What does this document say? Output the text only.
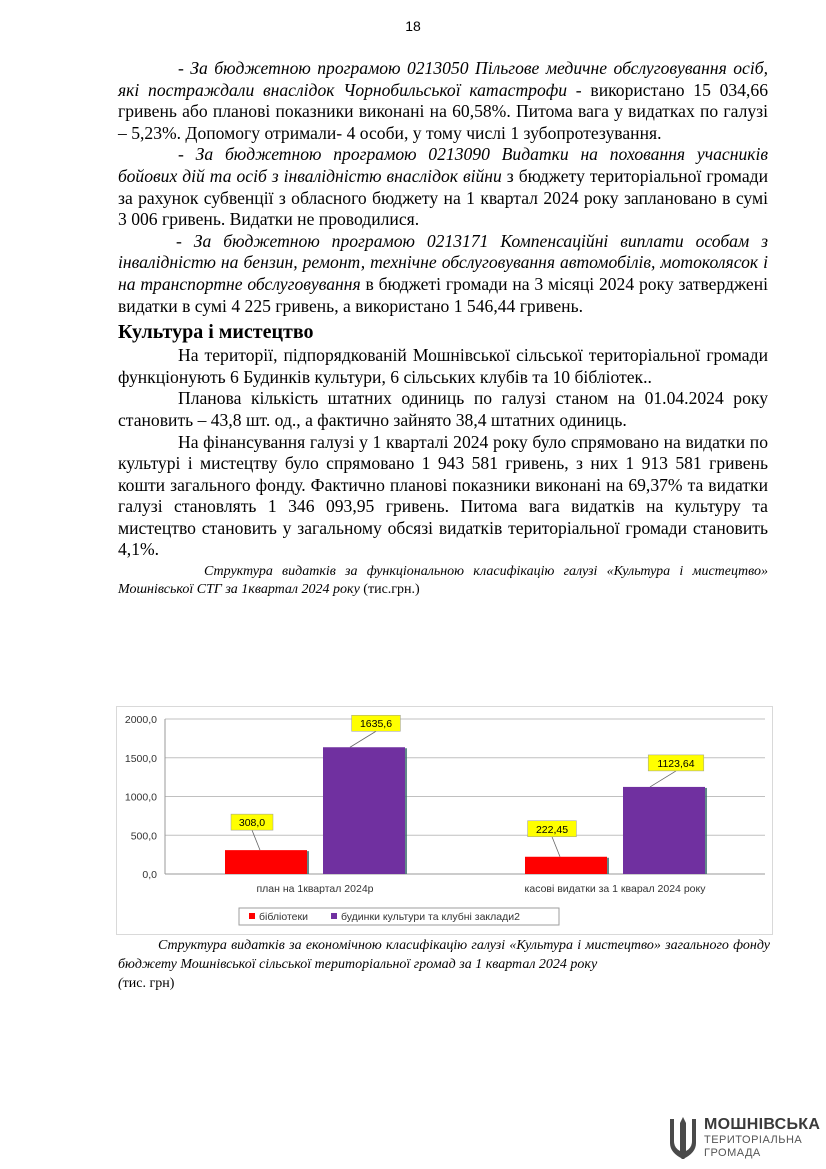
18

- За бюджетною програмою 0213050 Пільгове медичне обслуговування осіб, які постраждали внаслідок Чорнобильської катастрофи - використано 15 034,66 гривень або планові показники виконані на 60,58%. Питома вага у видатках по галузі – 5,23%. Допомогу отримали- 4 особи, у тому числі 1 зубопротезування.

- За бюджетною програмою 0213090 Видатки на поховання учасників бойових дій та осіб з інвалідністю внаслідок війни з бюджету територіальної громади за рахунок субвенції з обласного бюджету на 1 квартал 2024 року заплановано в сумі 3 006 гривень. Видатки не проводилися.

- За бюджетною програмою 0213171 Компенсаційні виплати особам з інвалідністю на бензин, ремонт, технічне обслуговування автомобілів, мотоколясок і на транспортне обслуговування в бюджеті громади на 3 місяці 2024 року затверджені видатки в сумі 4 225 гривень, а використано 1 546,44 гривень.

Культура і мистецтво

На території, підпорядкованій Мошнівської сільської територіальної громади функціонують 6 Будинків культури, 6 сільських клубів та 10 бібліотек..

Планова кількість штатних одиниць по галузі станом на 01.04.2024 року становить – 43,8 шт. од., а фактично зайнято 38,4 штатних одиниць.

На фінансування галузі у 1 кварталі 2024 року було спрямовано на видатки по культурі і мистецтву було спрямовано 1 943 581 гривень, з них 1 913 581 гривень кошти загального фонду. Фактично планові показники виконані на 69,37% та видатки галузі становлять 1 346 093,95 гривень. Питома вага видатків на культуру та мистецтво становить у загальному обсязі видатків територіальної громади становить 4,1%.

Структура видатків за функціональною класифікацію галузі «Культура і мистецтво» Мошнівської СТГ за 1квартал 2024 року (тис.грн.)
0,0
500,0
1000,0
1500,0
2000,0
план на 1квартал 2024р
308,0
1635,6
касові видатки за 1 кварал 2024 року
222,45
1123,64
бібліотеки	будинки культури та клубні заклади2
Структура видатків за економічною класифікацію галузі «Культура і мистецтво» загального фонду бюджету Мошнівської сільської територіальної громад за 1 квартал 2024 року
(тис. грн)
МОШНІВСЬКА
ТЕРИТОРІАЛЬНА
ГРОМАДА
